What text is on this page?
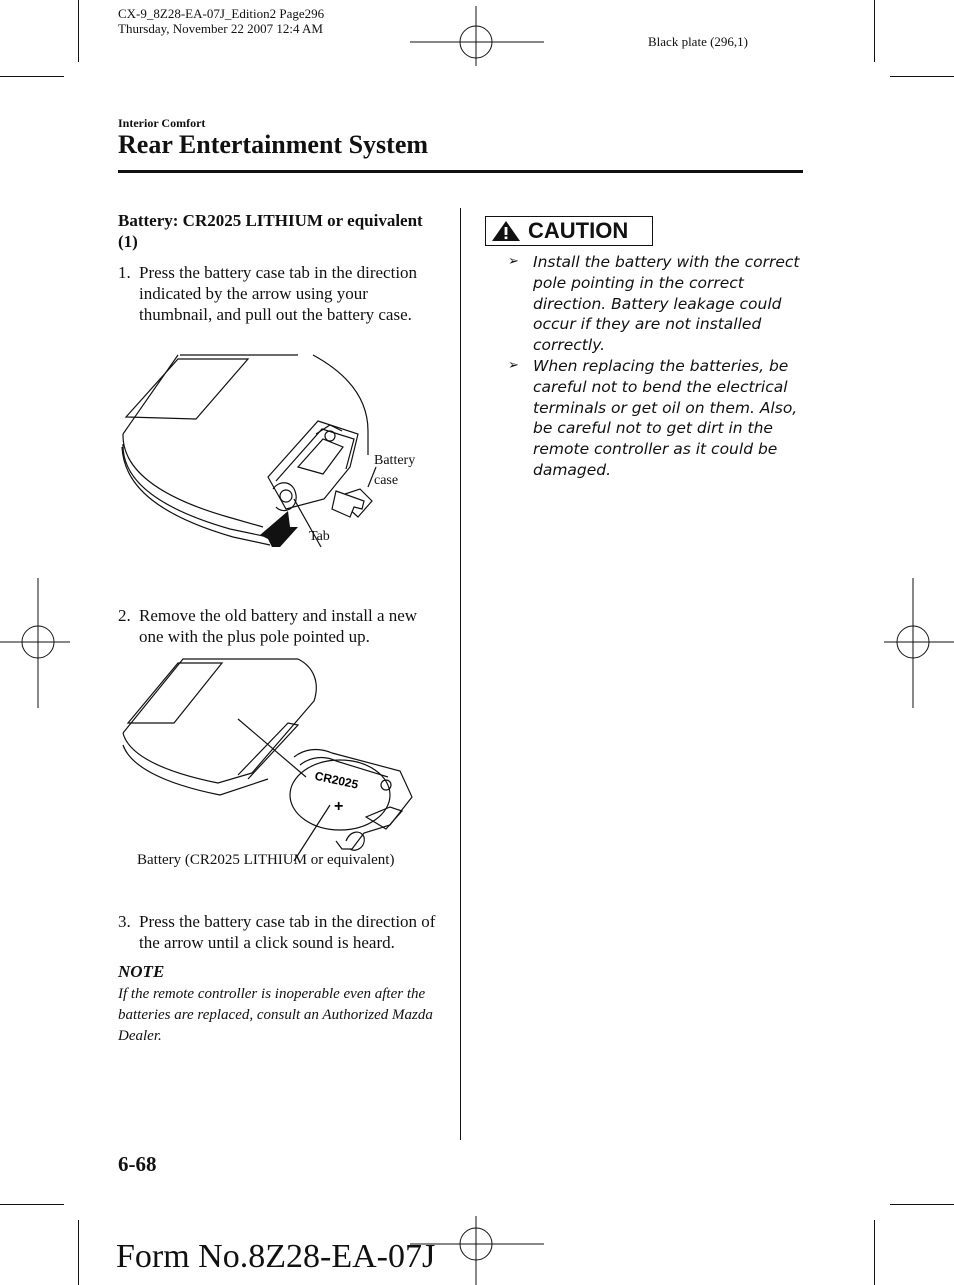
CX-9_8Z28-EA-07J_Edition2 Page296
Thursday, November 22 2007 12:4 AM
Black plate (296,1)
Interior Comfort
Rear Entertainment System

Battery: CR2025 LITHIUM or equivalent (1)

1. Press the battery case tab in the direction indicated by the arrow using your thumbnail, and pull out the battery case.
Battery
case
Tab
2. Remove the old battery and install a new one with the plus pole pointed up.
CR2025
+
Battery (CR2025 LITHIUM or equivalent)
3. Press the battery case tab in the direction of the arrow until a click sound is heard.

NOTE

If the remote controller is inoperable even after the batteries are replaced, consult an Authorized Mazda Dealer.

CAUTION
➢ Install the battery with the correct pole pointing in the correct direction. Battery leakage could occur if they are not installed correctly.
➢ When replacing the batteries, be careful not to bend the electrical terminals or get oil on them. Also, be careful not to get dirt in the remote controller as it could be damaged.
6-68
Form No.8Z28-EA-07J
